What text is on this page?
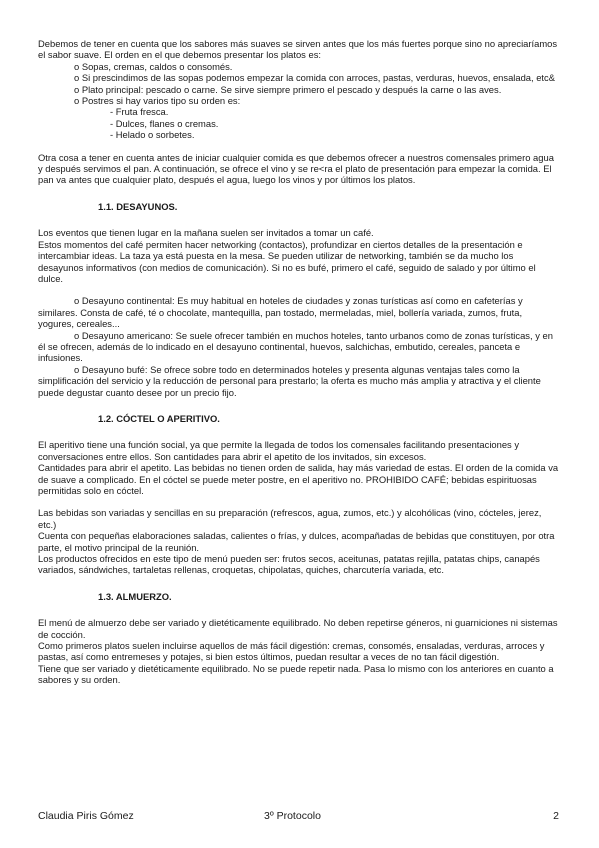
Debemos de tener en cuenta que los sabores más suaves se sirven antes que los más fuertes porque sino no apreciaríamos el sabor suave. El orden en el que debemos presentar los platos es:

o Sopas, cremas, caldos o consomés.

o Si prescindimos de las sopas podemos empezar la comida con arroces, pastas, verduras, huevos, ensalada, etc&

o Plato principal: pescado o carne. Se sirve siempre primero el pescado y después la carne o las aves.

o Postres si hay varios tipo su orden es:

- Fruta fresca.

- Dulces, flanes o cremas.

- Helado o sorbetes.

Otra cosa a tener en cuenta antes de iniciar cualquier comida es que debemos ofrecer a nuestros comensales primero agua y después servimos el pan. A continuación, se ofrece el vino y se re<ra el plato de presentación para empezar la comida. El pan va antes que cualquier plato, después el agua, luego los vinos y por últimos los platos.

1.1. DESAYUNOS.

Los eventos que tienen lugar en la mañana suelen ser invitados a tomar un café.

Estos momentos del café permiten hacer networking (contactos), profundizar en ciertos detalles de la presentación e intercambiar ideas. La taza ya está puesta en la mesa. Se pueden utilizar de networking, también se da mucho los desayunos informativos (con medios de comunicación). Si no es bufé, primero el café, seguido de salado y por último el dulce.

o Desayuno continental: Es muy habitual en hoteles de ciudades y zonas turísticas así como en cafeterías y similares. Consta de café, té o chocolate, mantequilla, pan tostado, mermeladas, miel, bollería variada, zumos, fruta, yogures, cereales...

o Desayuno americano: Se suele ofrecer también en muchos hoteles, tanto urbanos como de zonas turísticas, y en él se ofrecen, además de lo indicado en el desayuno continental, huevos, salchichas, embutido, cereales, panceta e infusiones.

o Desayuno bufé: Se ofrece sobre todo en determinados hoteles y presenta algunas ventajas tales como la simplificación del servicio y la reducción de personal para prestarlo; la oferta es mucho más amplia y atractiva y el cliente puede degustar cuanto desee por un precio fijo.

1.2. CÓCTEL O APERITIVO.

El aperitivo tiene una función social, ya que permite la llegada de todos los comensales facilitando presentaciones y conversaciones entre ellos. Son cantidades para abrir el apetito de los invitados, sin excesos.

Cantidades para abrir el apetito. Las bebidas no tienen orden de salida, hay más variedad de estas. El orden de la comida va de suave a complicado. En el cóctel se puede meter postre, en el aperitivo no. PROHIBIDO CAFÉ; bebidas espirituosas permitidas solo en cóctel.

Las bebidas son variadas y sencillas en su preparación (refrescos, agua, zumos, etc.) y alcohólicas (vino, cócteles, jerez, etc.)

Cuenta con pequeñas elaboraciones saladas, calientes o frías, y dulces, acompañadas de bebidas que constituyen, por otra parte, el motivo principal de la reunión.

Los productos ofrecidos en este tipo de menú pueden ser: frutos secos, aceitunas, patatas rejilla, patatas chips, canapés variados, sándwiches, tartaletas rellenas, croquetas, chipolatas, quiches, charcutería variada, etc.

1.3. ALMUERZO.

El menú de almuerzo debe ser variado y dietéticamente equilibrado. No deben repetirse géneros, ni guarniciones ni sistemas de cocción.

Como primeros platos suelen incluirse aquellos de más fácil digestión: cremas, consomés, ensaladas, verduras, arroces y pastas, así como entremeses y potajes, si bien estos últimos, puedan resultar a veces de no tan fácil digestión.

Tiene que ser variado y dietéticamente equilibrado. No se puede repetir nada. Pasa lo mismo con los anteriores en cuanto a sabores y su orden.

Claudia Piris Gómez	3º Protocolo	2
